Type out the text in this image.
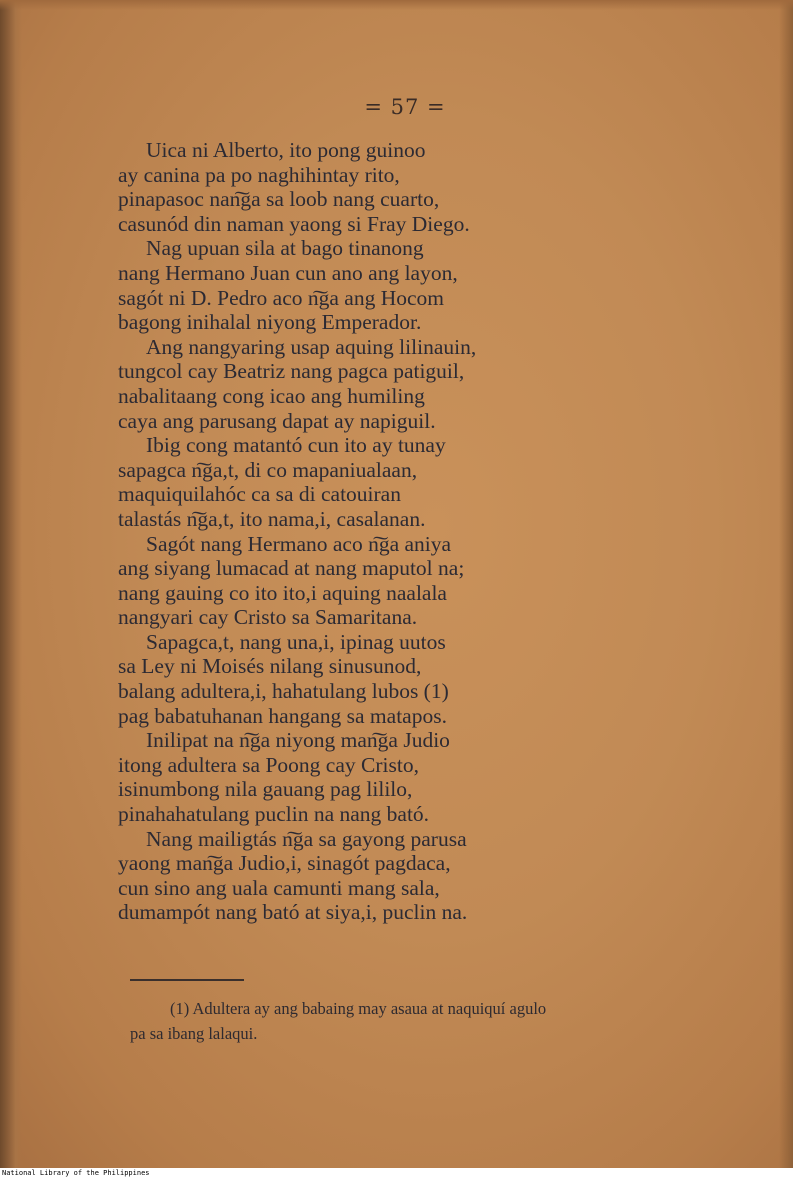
= 57 =

Uica ni Alberto, ito pong guinoo
ay canina pa po naghihintay rito,
pinapasoc nan͠ga sa loob nang cuarto,
casunód din naman yaong si Fray Diego.

Nag upuan sila at bago tinanong
nang Hermano Juan cun ano ang layon,
sagót ni D. Pedro aco n͠ga ang Hocom
bagong inihalal niyong Emperador.

Ang nangyaring usap aquing lilinauin,
tungcol cay Beatriz nang pagca patiguil,
nabalitaang cong icao ang humiling
caya ang parusang dapat ay napiguil.

Ibig cong matantó cun ito ay tunay
sapagca n͠ga,t, di co mapaniualaan,
maquiquilahóc ca sa di catouiran
talastás n͠ga,t, ito nama,i, casalanan.

Sagót nang Hermano aco n͠ga aniya
ang siyang lumacad at nang maputol na;
nang gauing co ito ito,i aquing naalala
nangyari cay Cristo sa Samaritana.

Sapagca,t, nang una,i, ipinag uutos
sa Ley ni Moisés nilang sinusunod,
balang adultera,i, hahatulang lubos (1)
pag babatuhanan hangang sa matapos.

Inilipat na n͠ga niyong man͠ga Judio
itong adultera sa Poong cay Cristo,
isinumbong nila gauang pag lililo,
pinahahatulang puclin na nang bató.

Nang mailigtás n͠ga sa gayong parusa
yaong man͠ga Judio,i, sinagót pagdaca,
cun sino ang uala camunti mang sala,
dumampót nang bató at siya,i, puclin na.

(1) Adultera ay ang babaing may asaua at naquiquí agulo
pa sa ibang lalaqui.
National Library of the Philippines
